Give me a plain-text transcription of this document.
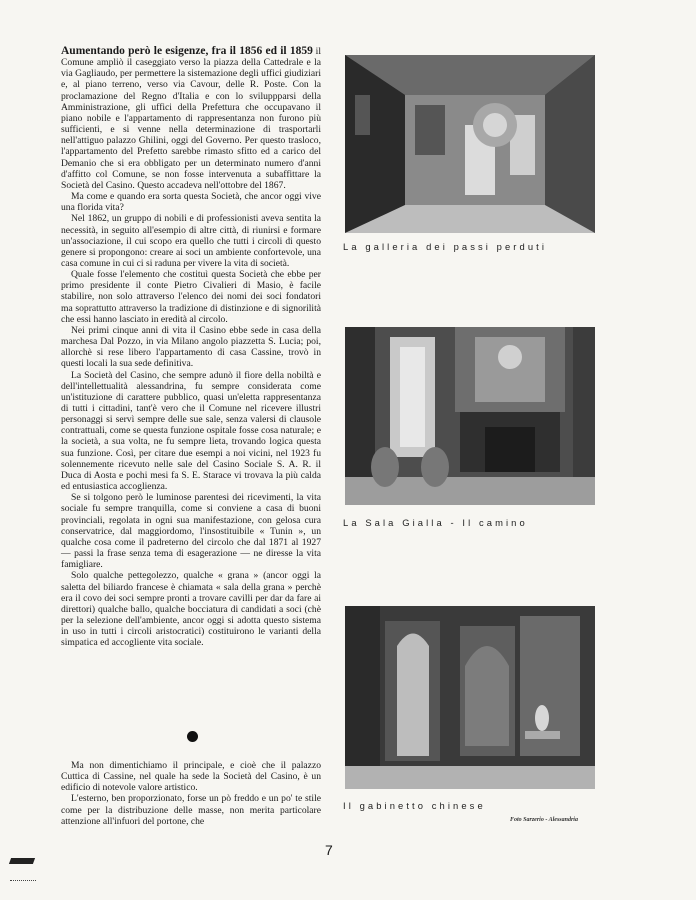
Aumentando però le esigenze, fra il 1856 ed il 1859 il Comune ampliò il caseggiato verso la piazza della Cattedrale e la via Gagliaudo, per permettere la sistemazione degli uffici giudiziari e, al piano terreno, verso via Cavour, delle R. Poste. Con la proclamazione del Regno d'Italia e con lo sviluppparsi della Amministrazione, gli uffici della Prefettura che occupavano il piano nobile e l'appartamento di rappresentanza non furono più sufficienti, e si venne nella determinazione di trasportarli nell'attiguo palazzo Ghilini, oggi del Governo. Per questo trasloco, l'appartamento del Prefetto sarebbe rimasto sfitto ed a carico del Demanio che si era obbligato per un determinato numero d'anni d'affitto col Comune, se non fosse intervenuta a subaffittare la Società del Casino. Questo accadeva nell'ottobre del 1867.

Ma come e quando era sorta questa Società, che ancor oggi vive una florida vita?

Nel 1862, un gruppo di nobili e di professionisti aveva sentita la necessità, in seguito all'esempio di altre città, di riunirsi e formare un'associazione, il cui scopo era quello che tutti i circoli di questo genere si propongono: creare ai soci un ambiente confortevole, una casa comune in cui ci si raduna per vivere la vita di società.

Quale fosse l'elemento che costituì questa Società che ebbe per primo presidente il conte Pietro Civalieri di Masio, è facile stabilire, non solo attraverso l'elenco dei nomi dei soci fondatori ma soprattutto attraverso la tradizione di distinzione e di signorilità che essi hanno lasciato in eredità al circolo.

Nei primi cinque anni di vita il Casino ebbe sede in casa della marchesa Dal Pozzo, in via Milano angolo piazzetta S. Lucia; poi, allorchè si rese libero l'appartamento di casa Cassine, trovò in questi locali la sua sede definitiva.

La Società del Casino, che sempre adunò il fiore della nobiltà e dell'intellettualità alessandrina, fu sempre considerata come un'istituzione di carattere pubblico, quasi un'eletta rappresentanza di tutti i cittadini, tant'è vero che il Comune nel ricevere illustri personaggi si servì sempre delle sue sale, senza valersi di clausole contrattuali, come se questa funzione ospitale fosse cosa naturale; e la società, a sua volta, ne fu sempre lieta, trovando logica questa sua funzione. Così, per citare due esempi a noi vicini, nel 1923 fu solennemente ricevuto nelle sale del Casino Sociale S. A. R. il Duca di Aosta e pochi mesi fa S. E. Starace vi trovava la più calda ed entusiastica accoglienza.

Se si tolgono però le luminose parentesi dei ricevimenti, la vita sociale fu sempre tranquilla, come si conviene a casa di buoni provinciali, regolata in ogni sua manifestazione, con gelosa cura conservatrice, dal maggiordomo, l'insostituibile « Tunin », un qualche cosa come il padreterno del circolo che dal 1871 al 1927 — passi la frase senza tema di esagerazione — ne diresse la vita famigliare.

Solo qualche pettegolezzo, qualche « grana » (ancor oggi la saletta del biliardo francese è chiamata « sala della grana » perchè era il covo dei soci sempre pronti a trovare cavilli per dar da fare ai direttori) qualche ballo, qualche bocciatura di candidati a soci (chè per la selezione dell'ambiente, ancor oggi si adotta questo sistema in uso in tutti i circoli aristocratici) costituirono le varianti della simpatica ed accogliente vita sociale.

Ma non dimentichiamo il principale, e cioè che il palazzo Cuttica di Cassine, nel quale ha sede la Società del Casino, è un edificio di notevole valore artistico.

L'esterno, ben proporzionato, forse un pò freddo e un po' te stile come per la distribuzione delle masse, non merita particolare attenzione all'infuori del portone, che

La galleria dei passi perduti
La Sala Gialla - Il camino
Il gabinetto chinese
Foto Sarzerio - Alessandria
7
